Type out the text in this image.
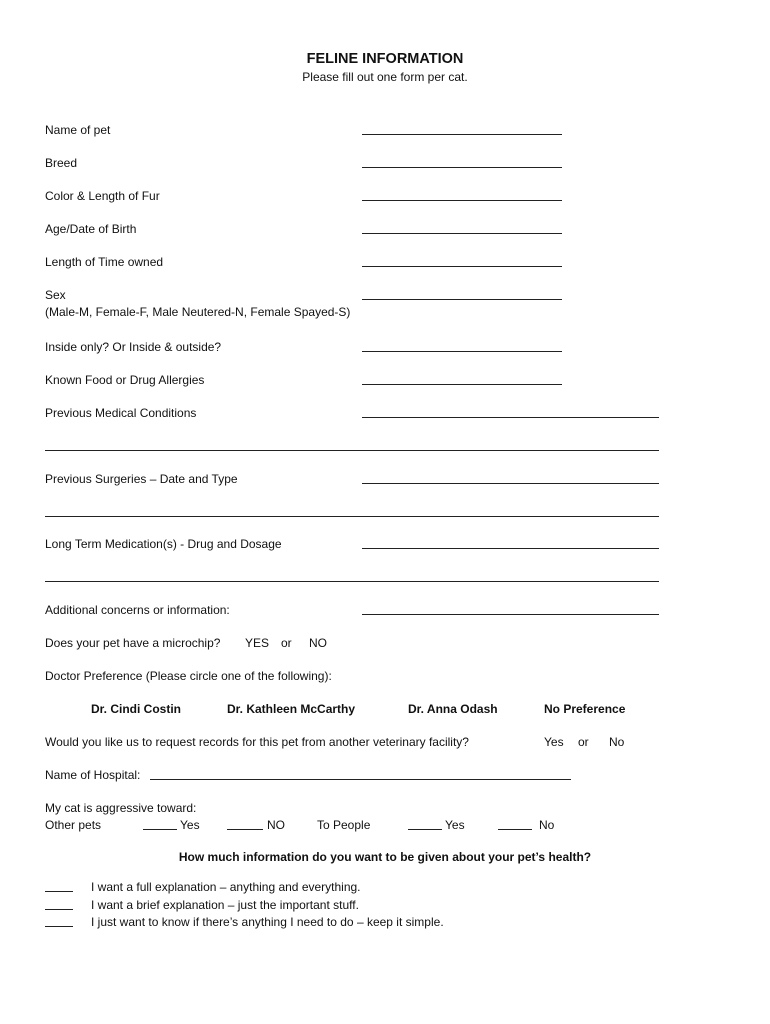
FELINE INFORMATION
Please fill out one form per cat.
Name of pet
Breed
Color & Length of Fur
Age/Date of Birth
Length of Time owned
Sex
(Male-M, Female-F, Male Neutered-N, Female Spayed-S)
Inside only? Or Inside & outside?
Known Food or Drug Allergies
Previous Medical Conditions
Previous Surgeries – Date and Type
Long Term Medication(s) - Drug and Dosage
Additional concerns or information:
Does your pet have a microchip? YES or NO
Doctor Preference (Please circle one of the following):
Dr. Cindi Costin	Dr. Kathleen McCarthy	Dr. Anna Odash	No Preference
Would you like us to request records for this pet from another veterinary facility?	Yes or No
Name of Hospital:
My cat is aggressive toward:
Other pets	Yes	NO	To People	Yes	No
How much information do you want to be given about your pet’s health?
I want a full explanation – anything and everything.
I want a brief explanation – just the important stuff.
I just want to know if there’s anything I need to do – keep it simple.
